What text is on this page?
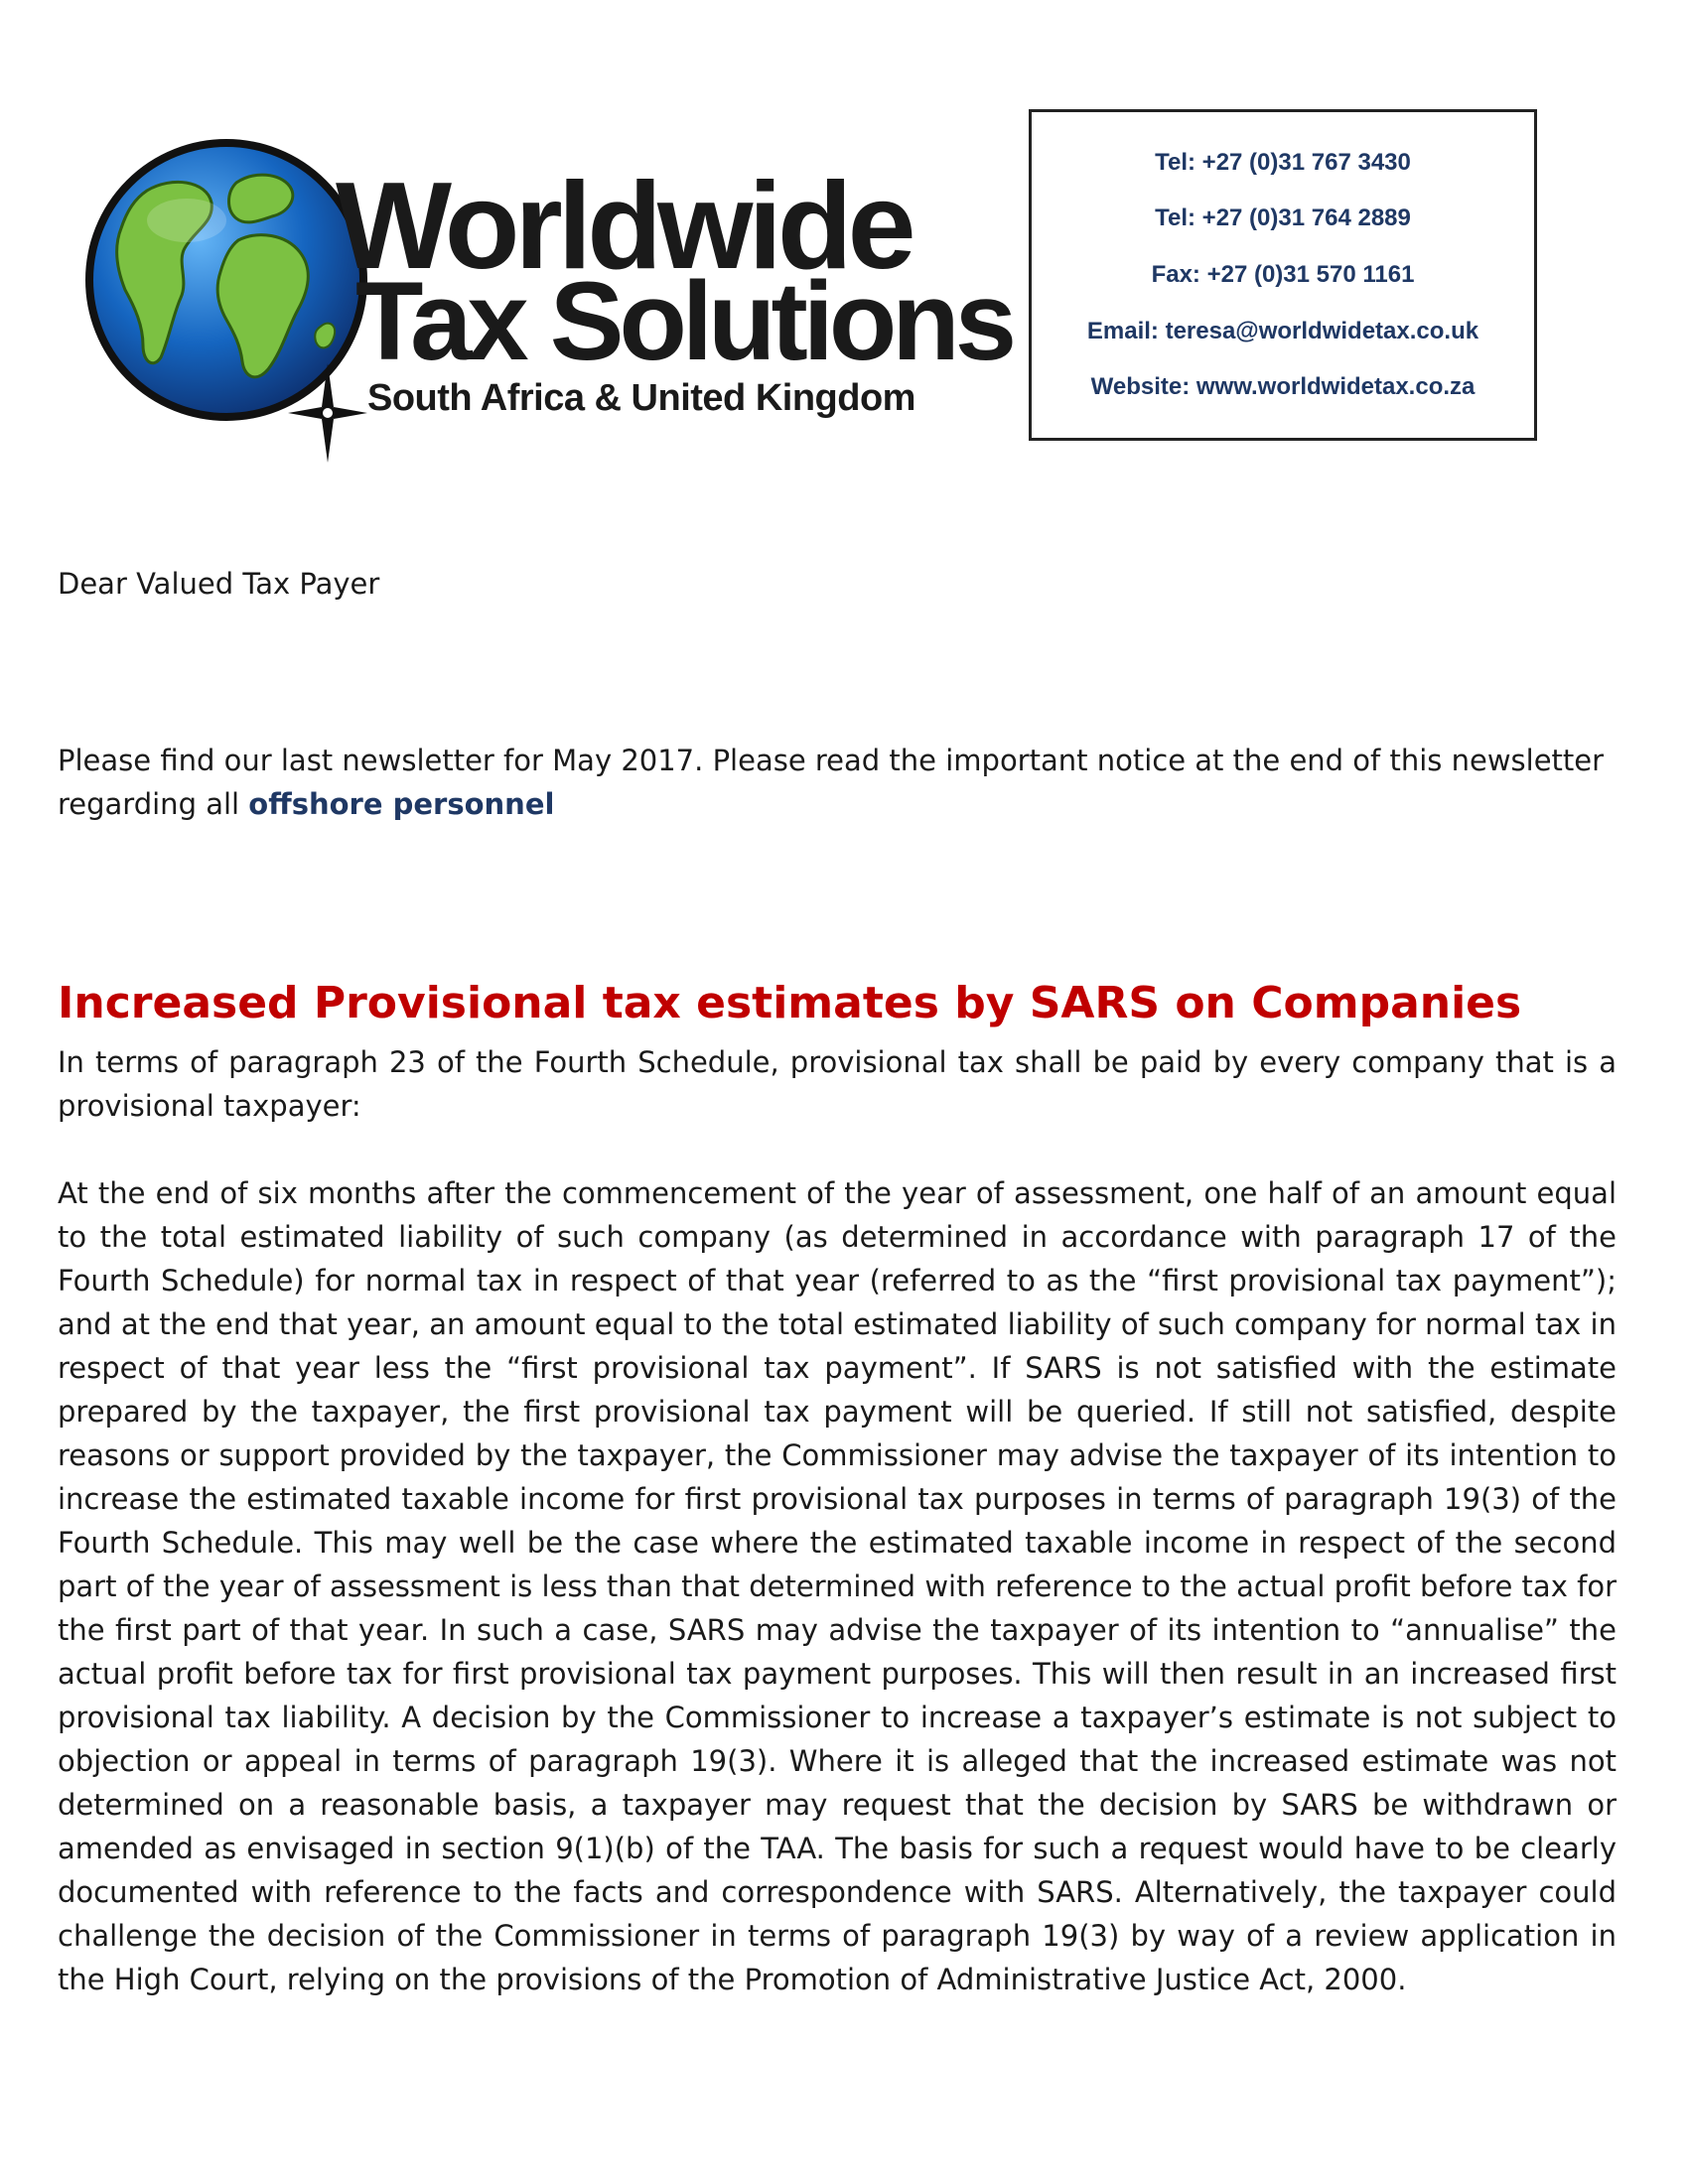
Worldwide
Tax Solutions
South Africa & United Kingdom
Tel: +27 (0)31 767 3430
Tel: +27 (0)31 764 2889
Fax: +27 (0)31 570 1161
Email: teresa@worldwidetax.co.uk
Website: www.worldwidetax.co.za
Dear Valued Tax Payer
Please find our last newsletter for May 2017. Please read the important notice at the end of this newsletter regarding all offshore personnel
Increased Provisional tax estimates by SARS on Companies
In terms of paragraph 23 of the Fourth Schedule, provisional tax shall be paid by every company that is a provisional taxpayer:
At the end of six months after the commencement of the year of assessment, one half of an amount equal to the total estimated liability of such company (as determined in accordance with paragraph 17 of the Fourth Schedule) for normal tax in respect of that year (referred to as the “first provisional tax payment”); and at the end that year, an amount equal to the total estimated liability of such company for normal tax in respect of that year less the “first provisional tax payment”. If SARS is not satisfied with the estimate prepared by the taxpayer, the first provisional tax payment will be queried. If still not satisfied, despite reasons or support provided by the taxpayer, the Commissioner may advise the taxpayer of its intention to increase the estimated taxable income for first provisional tax purposes in terms of paragraph 19(3) of the Fourth Schedule. This may well be the case where the estimated taxable income in respect of the second part of the year of assessment is less than that determined with reference to the actual profit before tax for the first part of that year. In such a case, SARS may advise the taxpayer of its intention to “annualise” the actual profit before tax for first provisional tax payment purposes. This will then result in an increased first provisional tax liability. A decision by the Commissioner to increase a taxpayer’s estimate is not subject to objection or appeal in terms of paragraph 19(3). Where it is alleged that the increased estimate was not determined on a reasonable basis, a taxpayer may request that the decision by SARS be withdrawn or amended as envisaged in section 9(1)(b) of the TAA. The basis for such a request would have to be clearly documented with reference to the facts and correspondence with SARS. Alternatively, the taxpayer could challenge the decision of the Commissioner in terms of paragraph 19(3) by way of a review application in the High Court, relying on the provisions of the Promotion of Administrative Justice Act, 2000.
